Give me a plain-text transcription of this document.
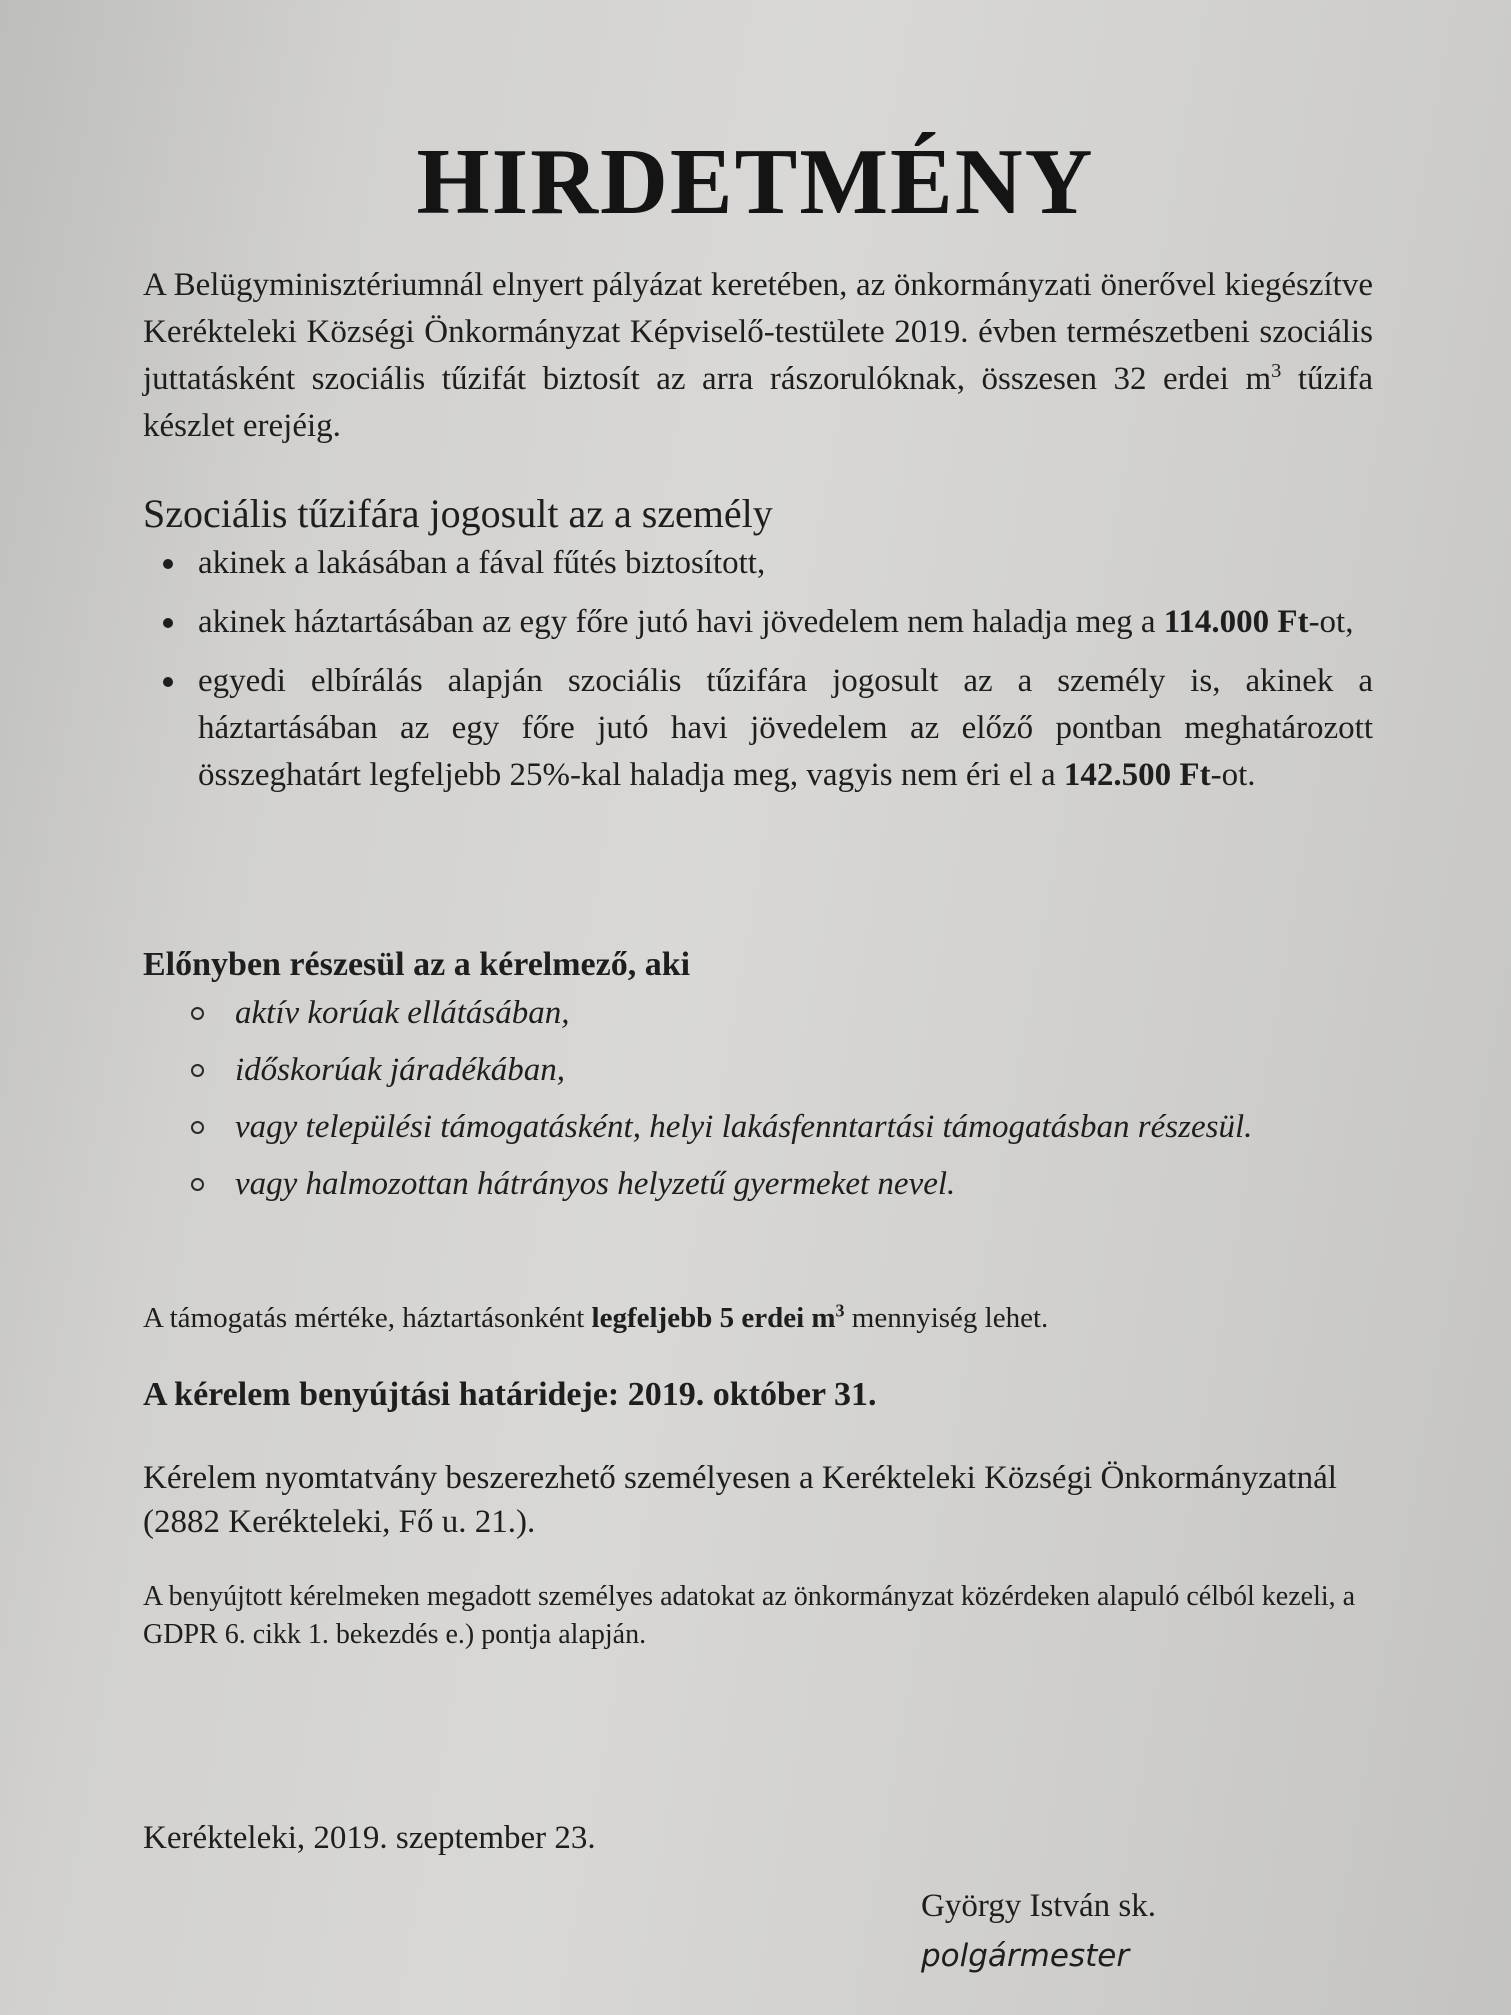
HIRDETMÉNY

A Belügyminisztériumnál elnyert pályázat keretében, az önkormányzati önerővel kiegészítve Kerékteleki Községi Önkormányzat Képviselő-testülete 2019. évben természetbeni szociális juttatásként szociális tűzifát biztosít az arra rászorulóknak, összesen 32 erdei $m^3$ tűzifa készlet erejéig.

Szociális tűzifára jogosult az a személy
akinek a lakásában a fával fűtés biztosított,
akinek háztartásában az egy főre jutó havi jövedelem nem haladja meg a 114.000 Ft-ot,
egyedi elbírálás alapján szociális tűzifára jogosult az a személy is, akinek a háztartásában az egy főre jutó havi jövedelem az előző pontban meghatározott összeghatárt legfeljebb 25%-kal haladja meg, vagyis nem éri el a 142.500 Ft-ot.
Előnyben részesül az a kérelmező, aki
aktív korúak ellátásában,
időskorúak járadékában,
vagy települési támogatásként, helyi lakásfenntartási támogatásban részesül.
vagy halmozottan hátrányos helyzetű gyermeket nevel.

A támogatás mértéke, háztartásonként legfeljebb 5 erdei $m^3$ mennyiség lehet.

A kérelem benyújtási határideje: 2019. október 31.

Kérelem nyomtatvány beszerezhető személyesen a Kerékteleki Községi Önkormányzatnál (2882 Kerékteleki, Fő u. 21.).

A benyújtott kérelmeken megadott személyes adatokat az önkormányzat közérdeken alapuló célból kezeli, a GDPR 6. cikk 1. bekezdés e.) pontja alapján.

Kerékteleki, 2019. szeptember 23.

György István sk.

polgármester
